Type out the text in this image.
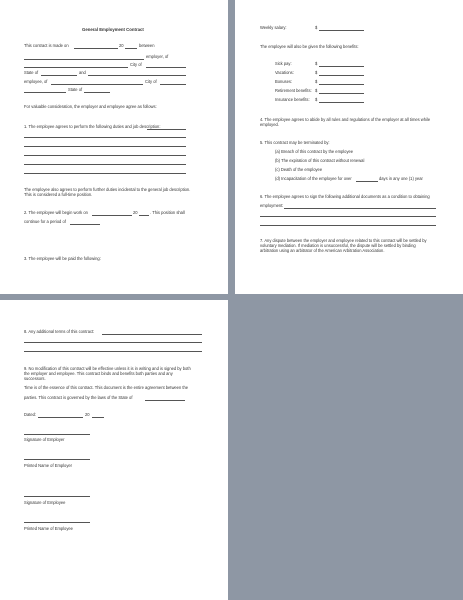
General Employment Contract
This contract is made on	20	between
employer, of
City of
State of	and
employee, of	City of
State of
For valuable consideration, the employer and employee agree as follows:
1. The employee agrees to perform the following duties and job description:
The employee also agrees to perform further duties incidental to the general job description.
This is considered a full-time position.
2. The employee will begin work on	20	. This position shall
continue for a period of
3. The employee will be paid the following:
Weekly salary:	$
The employee will also be given the following benefits:
Sick pay:	$
Vacations:	$
Bonuses:	$
Retirement benefits: $
Insurance benefits: $
4. The employee agrees to abide by all rules and regulations of the employer at all times while
employed.
5. This contract may be terminated by:
(a) Breach of this contract by the employee
(b) The expiration of this contract without renewal
(c) Death of the employee
(d) Incapacitation of the employee for over	days in any one (1) year
6. The employee agrees to sign the following additional documents as a condition to obtaining
employment:
7. Any dispute between the employer and employee related to this contract will be settled by
voluntary mediation. If mediation is unsuccessful, the dispute will be settled by binding
arbitration using an arbitrator of the American Arbitration Association.
8. Any additional terms of this contract:
9. No modification of this contract will be effective unless it is in writing and is signed by both
the employer and employee. This contract binds and benefits both parties and any
successors.
Time is of the essence of this contract. This document is the entire agreement between the
parties. This contract is governed by the laws of the State of
Dated:	20
Signature of Employer
Printed Name of Employer
Signature of Employee
Printed Name of Employee
